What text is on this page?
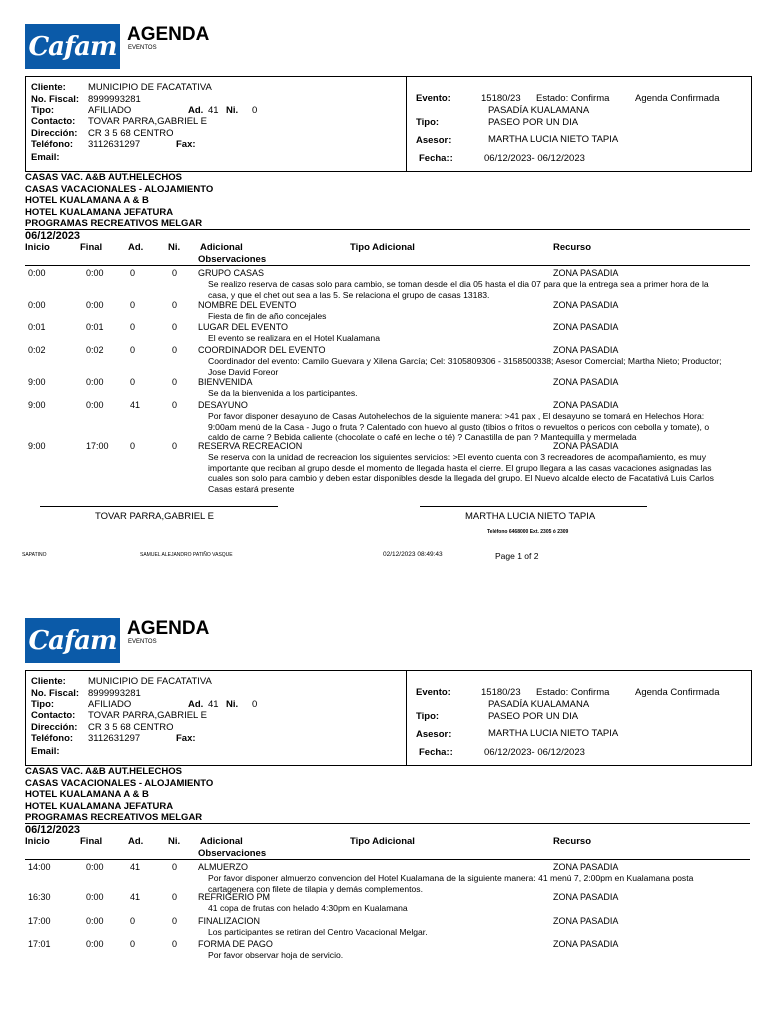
Cafam AGENDA
EVENTOS
Cliente: MUNICIPIO DE FACATATIVA
No. Fiscal: 8999993281
Tipo:	AFILIADO	Ad. 41 Ni. 0
Contacto: TOVAR PARRA,GABRIEL E
Dirección: CR 3 5 68 CENTRO
Teléfono: 3112631297	Fax:
Email:
Evento:	15180/23 Estado: Confirma	Agenda Confirmada
PASADÍA KUALAMANA
Tipo:	PASEO POR UN DIA
Asesor:	MARTHA LUCIA NIETO TAPIA
Fecha::	06/12/2023- 06/12/2023
CASAS VAC. A&B AUT.HELECHOS
CASAS VACACIONALES - ALOJAMIENTO
HOTEL KUALAMANA A & B
HOTEL KUALAMANA JEFATURA
PROGRAMAS RECREATIVOS MELGAR
06/12/2023
Inicio	Final	Ad.	Ni. Adicional	Tipo Adicional	Recurso
Observaciones
0:00	0:00	0	0 GRUPO CASAS	ZONA PASADIA
Se realizo reserva de casas solo para cambio, se toman desde el dia 05 hasta el dia 07 para que la entrega sea a primer hora de la casa, y que el chet out sea a las 5. Se relaciona el grupo de casas 13183.
0:00	0:00	0	0 NOMBRE DEL EVENTO	ZONA PASADIA
Fiesta de fin de año concejales
0:01	0:01	0	0 LUGAR DEL EVENTO	ZONA PASADIA
El evento se realizara en el Hotel Kualamana
0:02	0:02	0	0 COORDINADOR DEL EVENTO	ZONA PASADIA
Coordinador del evento: Camilo Guevara y Xilena García; Cel: 3105809306 - 3158500338; Asesor Comercial; Martha Nieto; Productor; Jose David Foreor
9:00	0:00	0	0 BIENVENIDA	ZONA PASADIA
Se da la bienvenida a los participantes.
9:00	0:00	41	0 DESAYUNO	ZONA PASADIA
Por favor disponer desayuno de Casas Autohelechos de la siguiente manera: >41 pax , El desayuno se tomará en Helechos Hora: 9:00am menú de la Casa - Jugo o fruta ? Calentado con huevo al gusto (tibios o fritos o revueltos o pericos con cebolla y tomate), o caldo de carne ? Bebida caliente (chocolate o café en leche o té) ? Canastilla de pan ? Mantequilla y mermelada
9:00	17:00 0	0 RESERVA RECREACION	ZONA PASADIA
Se reserva con la unidad de recreacion los siguientes servicios: >El evento cuenta con 3 recreadores de acompañamiento, es muy importante que reciban al grupo desde el momento de llegada hasta el cierre. El grupo llegara a las casas vacaciones asignadas las cuales son solo para cambio y deben estar disponibles desde la llegada del grupo. El Nuevo alcalde electo de Facatativá Luis Carlos Casas estará presente
TOVAR PARRA,GABRIEL E	MARTHA LUCIA NIETO TAPIA
Teléfono 6468000 Ext. 2305 ó 2309
SAPATINO	SAMUEL ALEJANDRO PATIÑO VASQUE	02/12/2023 08:49:43	Page 1 of 2
Cafam AGENDA
EVENTOS
Cliente: MUNICIPIO DE FACATATIVA
No. Fiscal: 8999993281
Tipo:	AFILIADO	Ad. 41 Ni. 0
Contacto: TOVAR PARRA,GABRIEL E
Dirección: CR 3 5 68 CENTRO
Teléfono: 3112631297	Fax:
Email:
Evento:	15180/23 Estado: Confirma	Agenda Confirmada
PASADÍA KUALAMANA
Tipo:	PASEO POR UN DIA
Asesor:	MARTHA LUCIA NIETO TAPIA
Fecha::	06/12/2023- 06/12/2023
CASAS VAC. A&B AUT.HELECHOS
CASAS VACACIONALES - ALOJAMIENTO
HOTEL KUALAMANA A & B
HOTEL KUALAMANA JEFATURA
PROGRAMAS RECREATIVOS MELGAR
06/12/2023
Inicio	Final	Ad.	Ni. Adicional	Tipo Adicional	Recurso
Observaciones
14:00	0:00	41	0 ALMUERZO	ZONA PASADIA
Por favor disponer almuerzo convencion del Hotel Kualamana de la siguiente manera: 41 menú 7, 2:00pm en Kualamana posta cartagenera con filete de tilapia y demás complementos.
16:30	0:00	41	0 REFRIGERIO PM	ZONA PASADIA
41 copa de frutas con helado 4:30pm en Kualamana
17:00	0:00	0	0 FINALIZACION	ZONA PASADIA
Los participantes se retiran del Centro Vacacional Melgar.
17:01	0:00	0	0 FORMA DE PAGO	ZONA PASADIA
Por favor observar hoja de servicio.
